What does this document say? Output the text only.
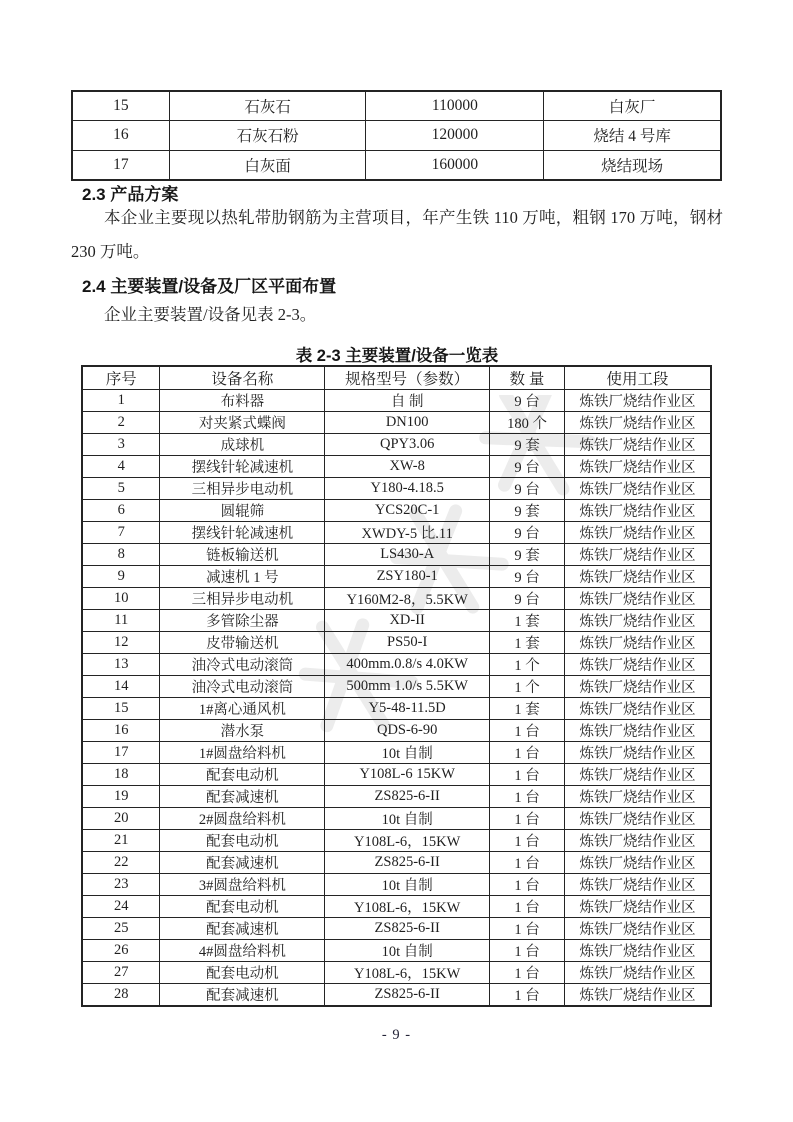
15	石灰石	110000	白灰厂
16	石灰石粉	120000	烧结 4 号库
17	白灰面	160000	烧结现场
2.3 产品方案
本企业主要现以热轧带肋钢筋为主营项目，年产生铁 110 万吨，粗钢 170 万吨，钢材 230 万吨。
2.4 主要装置/设备及厂区平面布置
企业主要装置/设备见表 2-3。
表 2-3 主要装置/设备一览表
序号	设备名称	规格型号（参数）	数 量	使用工段
1	布料器	自 制	9 台	炼铁厂烧结作业区
2	对夹紧式蝶阀	DN100	180 个	炼铁厂烧结作业区
3	成球机	QPY3.06	9 套	炼铁厂烧结作业区
4	摆线针轮减速机	XW-8	9 台	炼铁厂烧结作业区
5	三相异步电动机	Y180-4.18.5	9 台	炼铁厂烧结作业区
6	圆辊筛	YCS20C-1	9 套	炼铁厂烧结作业区
7	摆线针轮减速机	XWDY-5 比.11	9 台	炼铁厂烧结作业区
8	链板输送机	LS430-A	9 套	炼铁厂烧结作业区
9	减速机 1 号	ZSY180-1	9 台	炼铁厂烧结作业区
10	三相异步电动机	Y160M2-8，5.5KW	9 台	炼铁厂烧结作业区
11	多管除尘器	XD-II	1 套	炼铁厂烧结作业区
12	皮带输送机	PS50-I	1 套	炼铁厂烧结作业区
13	油冷式电动滚筒	400mm.0.8/s 4.0KW	1 个	炼铁厂烧结作业区
14	油冷式电动滚筒	500mm 1.0/s 5.5KW	1 个	炼铁厂烧结作业区
15	1#离心通风机	Y5-48-11.5D	1 套	炼铁厂烧结作业区
16	潜水泵	QDS-6-90	1 台	炼铁厂烧结作业区
17	1#圆盘给料机	10t 自制	1 台	炼铁厂烧结作业区
18	配套电动机	Y108L-6 15KW	1 台	炼铁厂烧结作业区
19	配套减速机	ZS825-6-II	1 台	炼铁厂烧结作业区
20	2#圆盘给料机	10t 自制	1 台	炼铁厂烧结作业区
21	配套电动机	Y108L-6，15KW	1 台	炼铁厂烧结作业区
22	配套减速机	ZS825-6-II	1 台	炼铁厂烧结作业区
23	3#圆盘给料机	10t 自制	1 台	炼铁厂烧结作业区
24	配套电动机	Y108L-6，15KW	1 台	炼铁厂烧结作业区
25	配套减速机	ZS825-6-II	1 台	炼铁厂烧结作业区
26	4#圆盘给料机	10t 自制	1 台	炼铁厂烧结作业区
27	配套电动机	Y108L-6，15KW	1 台	炼铁厂烧结作业区
28	配套减速机	ZS825-6-II	1 台	炼铁厂烧结作业区
- 9 -
